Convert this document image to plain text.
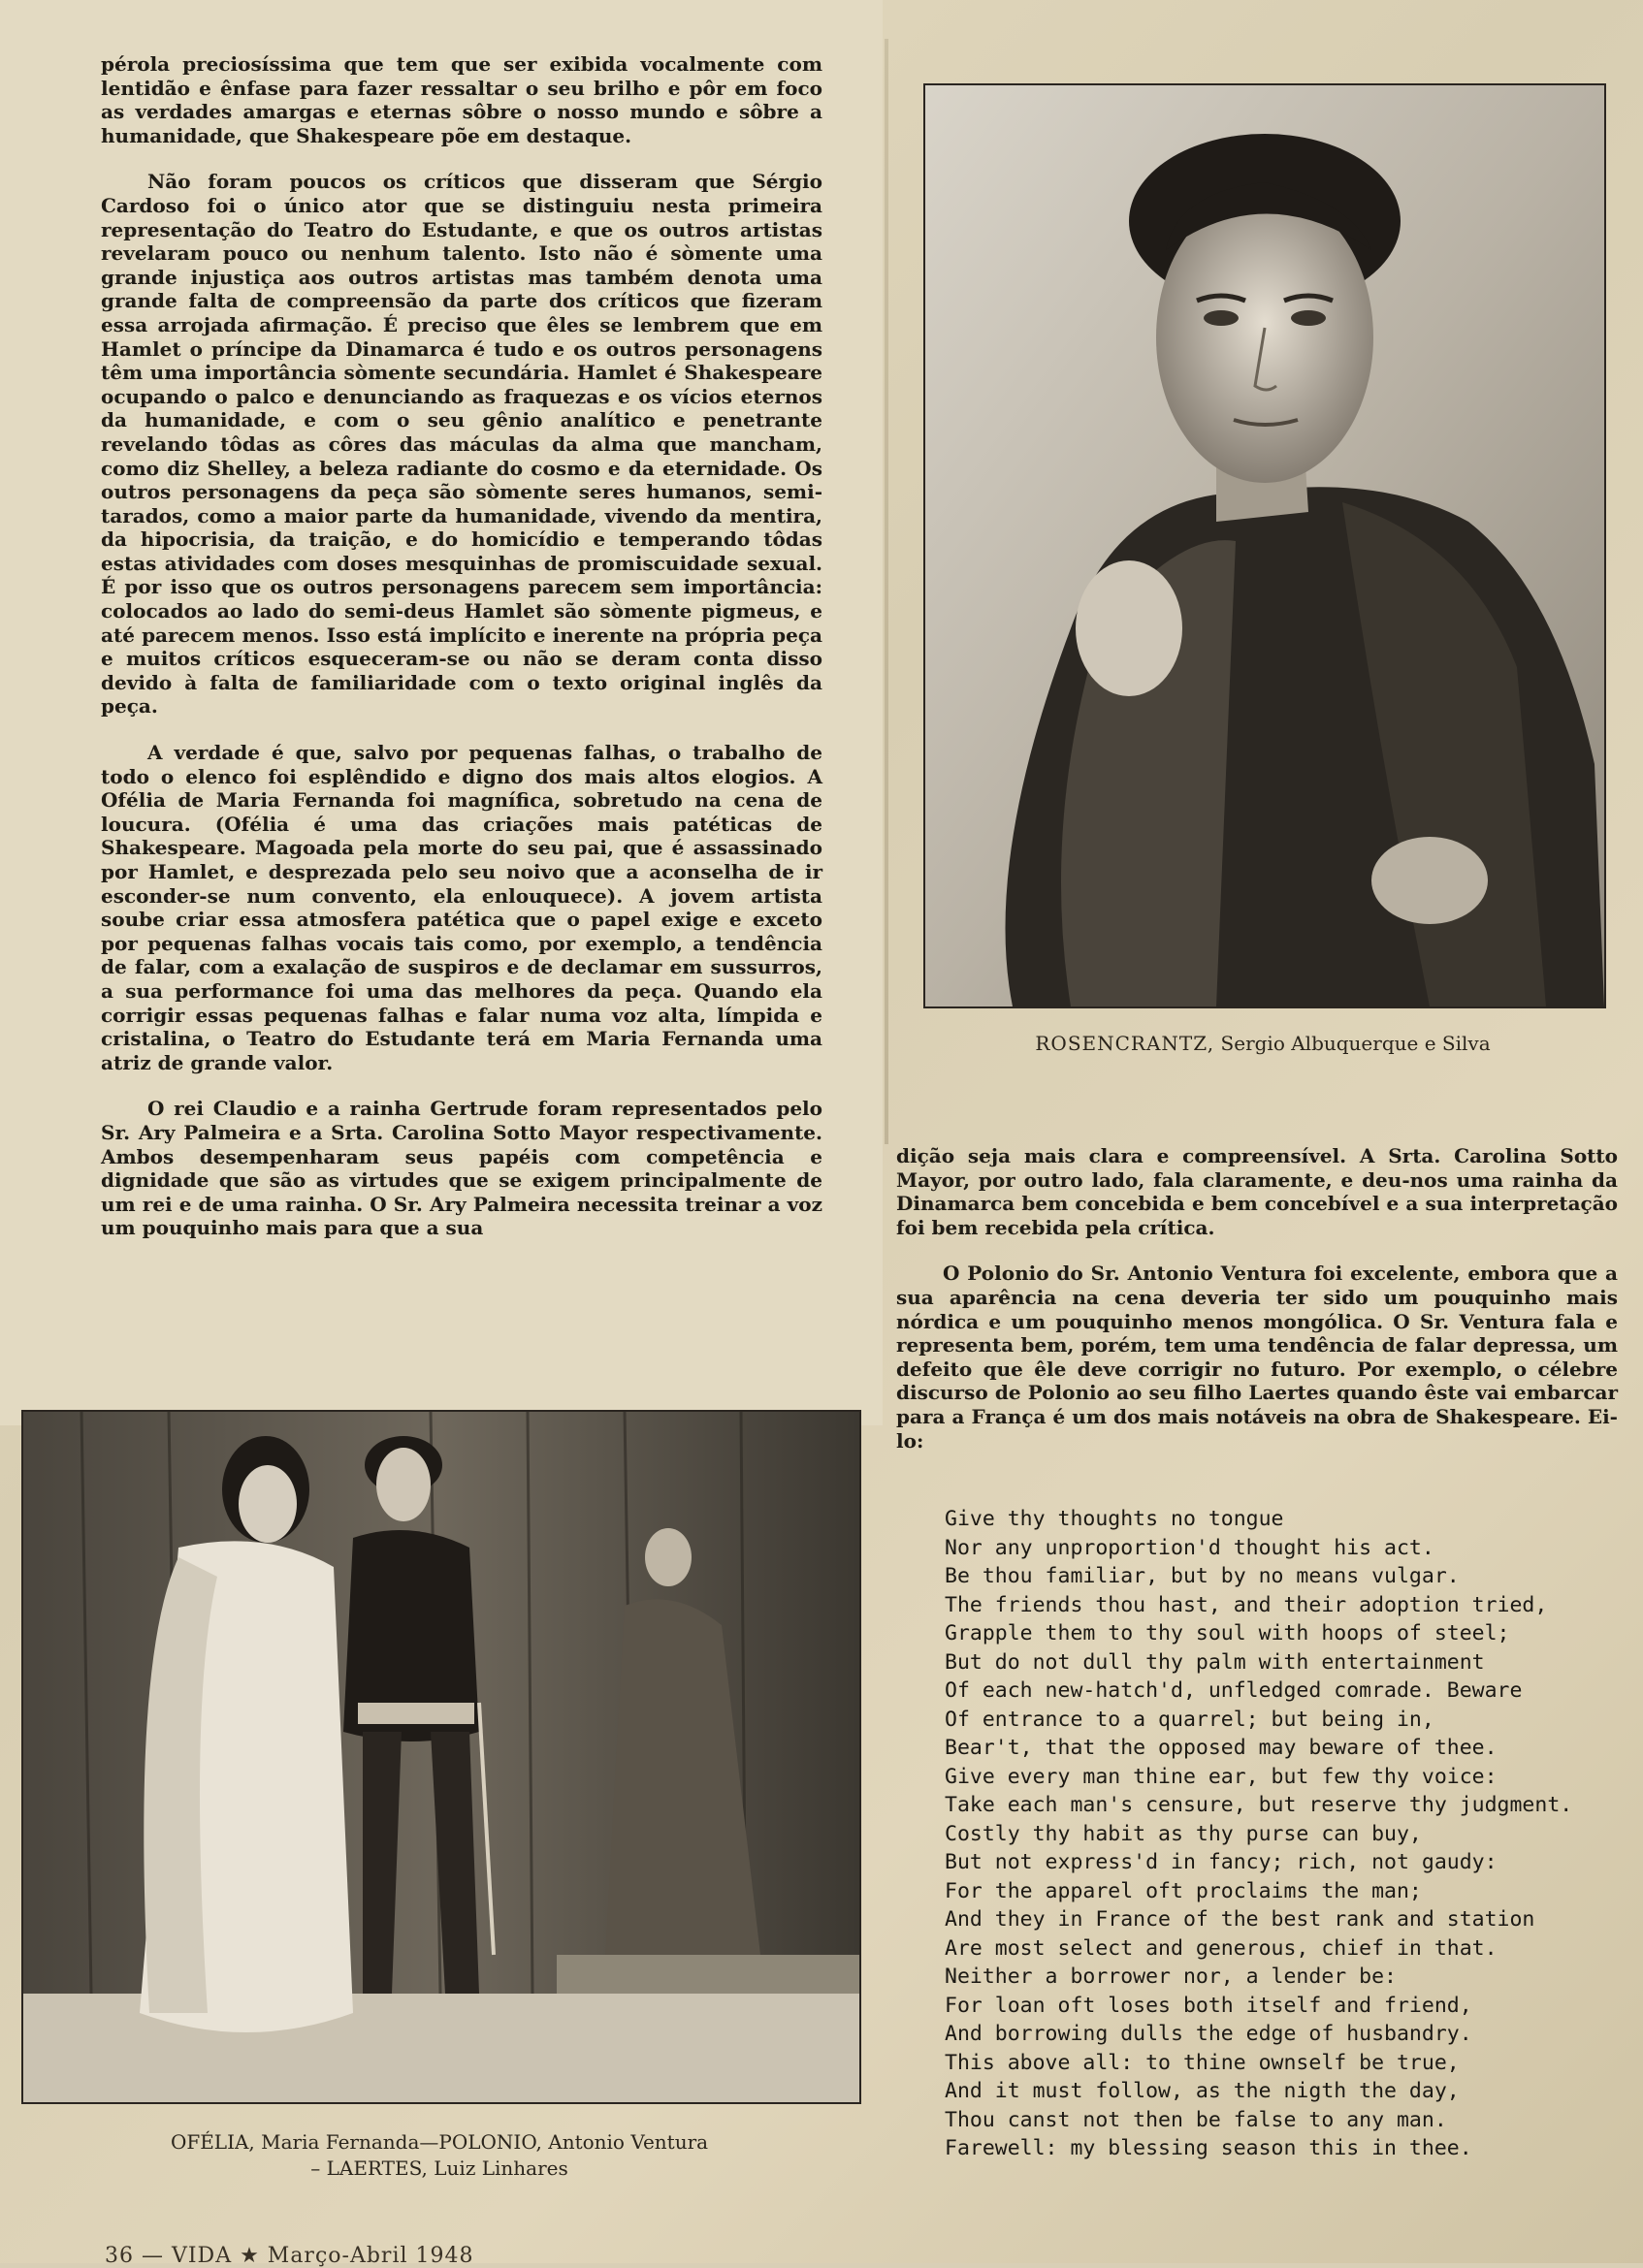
pérola preciosíssima que tem que ser exibida vocalmente com lentidão e ênfase para fazer ressaltar o seu brilho e pôr em foco as verdades amargas e eternas sôbre o nosso mundo e sôbre a humanidade, que Shakespeare põe em destaque.

Não foram poucos os críticos que disseram que Sérgio Cardoso foi o único ator que se distinguiu nesta primeira representação do Teatro do Estudante, e que os outros artistas revelaram pouco ou nenhum talento. Isto não é sòmente uma grande injustiça aos outros artistas mas também denota uma grande falta de compreensão da parte dos críticos que fizeram essa arrojada afirmação. É preciso que êles se lembrem que em Hamlet o príncipe da Dinamarca é tudo e os outros personagens têm uma importância sòmente secundária. Hamlet é Shakespeare ocupando o palco e denunciando as fraquezas e os vícios eternos da humanidade, e com o seu gênio analítico e penetrante revelando tôdas as côres das máculas da alma que mancham, como diz Shelley, a beleza radiante do cosmo e da eternidade. Os outros personagens da peça são sòmente seres humanos, semi-tarados, como a maior parte da humanidade, vivendo da mentira, da hipocrisia, da traição, e do homicídio e temperando tôdas estas atividades com doses mesquinhas de promiscuidade sexual. É por isso que os outros personagens parecem sem importância: colocados ao lado do semi-deus Hamlet são sòmente pigmeus, e até parecem menos. Isso está implícito e inerente na própria peça e muitos críticos esqueceram-se ou não se deram conta disso devido à falta de familiaridade com o texto original inglês da peça.

A verdade é que, salvo por pequenas falhas, o trabalho de todo o elenco foi esplêndido e digno dos mais altos elogios. A Ofélia de Maria Fernanda foi magnífica, sobretudo na cena de loucura. (Ofélia é uma das criações mais patéticas de Shakespeare. Magoada pela morte do seu pai, que é assassinado por Hamlet, e desprezada pelo seu noivo que a aconselha de ir esconder-se num convento, ela enlouquece). A jovem artista soube criar essa atmosfera patética que o papel exige e exceto por pequenas falhas vocais tais como, por exemplo, a tendência de falar, com a exalação de suspiros e de declamar em sussurros, a sua performance foi uma das melhores da peça. Quando ela corrigir essas pequenas falhas e falar numa voz alta, límpida e cristalina, o Teatro do Estudante terá em Maria Fernanda uma atriz de grande valor.

O rei Claudio e a rainha Gertrude foram representados pelo Sr. Ary Palmeira e a Srta. Carolina Sotto Mayor respectivamente. Ambos desempenharam seus papéis com competência e dignidade que são as virtudes que se exigem principalmente de um rei e de uma rainha. O Sr. Ary Palmeira necessita treinar a voz um pouquinho mais para que a sua

ROSENCRANTZ, Sergio Albuquerque e Silva

dição seja mais clara e compreensível. A Srta. Carolina Sotto Mayor, por outro lado, fala claramente, e deu-nos uma rainha da Dinamarca bem concebida e bem concebível e a sua interpretação foi bem recebida pela crítica.

O Polonio do Sr. Antonio Ventura foi excelente, embora que a sua aparência na cena deveria ter sido um pouquinho mais nórdica e um pouquinho menos mongólica. O Sr. Ventura fala e representa bem, porém, tem uma tendência de falar depressa, um defeito que êle deve corrigir no futuro. Por exemplo, o célebre discurso de Polonio ao seu filho Laertes quando êste vai embarcar para a França é um dos mais notáveis na obra de Shakespeare. Ei-lo:

Give thy thoughts no tongue
Nor any unproportion'd thought his act.
Be thou familiar, but by no means vulgar.
The friends thou hast, and their adoption tried,
Grapple them to thy soul with hoops of steel;
But do not dull thy palm with entertainment
Of each new-hatch'd, unfledged comrade. Beware
Of entrance to a quarrel; but being in,
Bear't, that the opposed may beware of thee.
Give every man thine ear, but few thy voice:
Take each man's censure, but reserve thy judgment.
Costly thy habit as thy purse can buy,
But not express'd in fancy; rich, not gaudy:
For the apparel oft proclaims the man;
And they in France of the best rank and station
Are most select and generous, chief in that.
Neither a borrower nor, a lender be:
For loan oft loses both itself and friend,
And borrowing dulls the edge of husbandry.
This above all: to thine ownself be true,
And it must follow, as the nigth the day,
Thou canst not then be false to any man.
Farewell: my blessing season this in thee.
OFÉLIA, Maria Fernanda—POLONIO, Antonio Ventura
– LAERTES, Luiz Linhares
36 — VIDA ★ Março-Abril 1948
